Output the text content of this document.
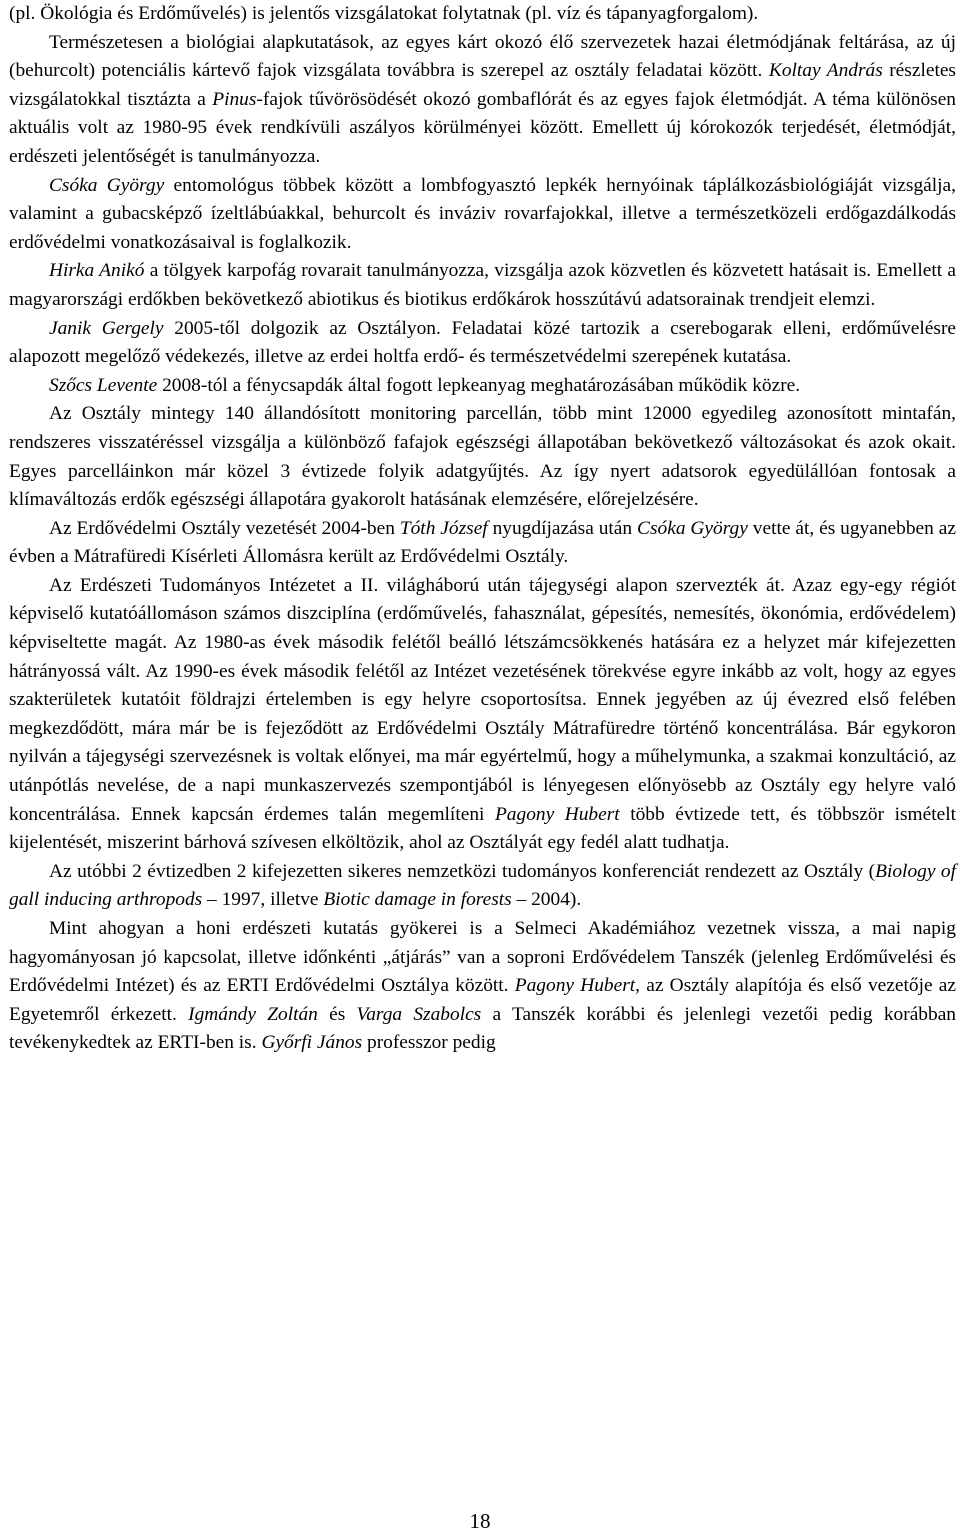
(pl. Ökológia és Erdőművelés) is jelentős vizsgálatokat folytatnak (pl. víz és tápanyagforgalom).

Természetesen a biológiai alapkutatások, az egyes kárt okozó élő szervezetek hazai életmódjának feltárása, az új (behurcolt) potenciális kártevő fajok vizsgálata továbbra is szerepel az osztály feladatai között. Koltay András részletes vizsgálatokkal tisztázta a Pinus-fajok tűvörösödését okozó gombaflórát és az egyes fajok életmódját. A téma különösen aktuális volt az 1980-95 évek rendkívüli aszályos körülményei között. Emellett új kórokozók terjedését, életmódját, erdészeti jelentőségét is tanulmányozza.

Csóka György entomológus többek között a lombfogyasztó lepkék hernyóinak táplálkozásbiológiáját vizsgálja, valamint a gubacsképző ízeltlábúakkal, behurcolt és inváziv rovarfajokkal, illetve a természetközeli erdőgazdálkodás erdővédelmi vonatkozásaival is foglalkozik.

Hirka Anikó a tölgyek karpofág rovarait tanulmányozza, vizsgálja azok közvetlen és közvetett hatásait is. Emellett a magyarországi erdőkben bekövetkező abiotikus és biotikus erdőkárok hosszútávú adatsorainak trendjeit elemzi.

Janik Gergely 2005-től dolgozik az Osztályon. Feladatai közé tartozik a cserebogarak elleni, erdőművelésre alapozott megelőző védekezés, illetve az erdei holtfa erdő- és természetvédelmi szerepének kutatása.

Szőcs Levente 2008-tól a fénycsapdák által fogott lepkeanyag meghatározásában működik közre.

Az Osztály mintegy 140 állandósított monitoring parcellán, több mint 12000 egyedileg azonosított mintafán, rendszeres visszatéréssel vizsgálja a különböző fafajok egészségi állapotában bekövetkező változásokat és azok okait. Egyes parcelláinkon már közel 3 évtizede folyik adatgyűjtés. Az így nyert adatsorok egyedülállóan fontosak a klímaváltozás erdők egészségi állapotára gyakorolt hatásának elemzésére, előrejelzésére.

Az Erdővédelmi Osztály vezetését 2004-ben Tóth József nyugdíjazása után Csóka György vette át, és ugyanebben az évben a Mátrafüredi Kísérleti Állomásra került az Erdővédelmi Osztály.

Az Erdészeti Tudományos Intézetet a II. világháború után tájegységi alapon szervezték át. Azaz egy-egy régiót képviselő kutatóállomáson számos diszciplína (erdőművelés, fahasználat, gépesítés, nemesítés, ökonómia, erdővédelem) képviseltette magát. Az 1980-as évek második felétől beálló létszámcsökkenés hatására ez a helyzet már kifejezetten hátrányossá vált. Az 1990-es évek második felétől az Intézet vezetésének törekvése egyre inkább az volt, hogy az egyes szakterületek kutatóit földrajzi értelemben is egy helyre csoportosítsa. Ennek jegyében az új évezred első felében megkezdődött, mára már be is fejeződött az Erdővédelmi Osztály Mátrafüredre történő koncentrálása. Bár egykoron nyilván a tájegységi szervezésnek is voltak előnyei, ma már egyértelmű, hogy a műhelymunka, a szakmai konzultáció, az utánpótlás nevelése, de a napi munkaszervezés szempontjából is lényegesen előnyösebb az Osztály egy helyre való koncentrálása. Ennek kapcsán érdemes talán megemlíteni Pagony Hubert több évtizede tett, és többször ismételt kijelentését, miszerint bárhová szívesen elköltözik, ahol az Osztályát egy fedél alatt tudhatja.

Az utóbbi 2 évtizedben 2 kifejezetten sikeres nemzetközi tudományos konferenciát rendezett az Osztály (Biology of gall inducing arthropods – 1997, illetve Biotic damage in forests – 2004).

Mint ahogyan a honi erdészeti kutatás gyökerei is a Selmeci Akadémiához vezetnek vissza, a mai napig hagyományosan jó kapcsolat, illetve időnkénti „átjárás” van a soproni Erdővédelem Tanszék (jelenleg Erdőművelési és Erdővédelmi Intézet) és az ERTI Erdővédelmi Osztálya között. Pagony Hubert, az Osztály alapítója és első vezetője az Egyetemről érkezett. Igmándy Zoltán és Varga Szabolcs a Tanszék korábbi és jelenlegi vezetői pedig korábban tevékenykedtek az ERTI-ben is. Győrfi János professzor pedig

18
